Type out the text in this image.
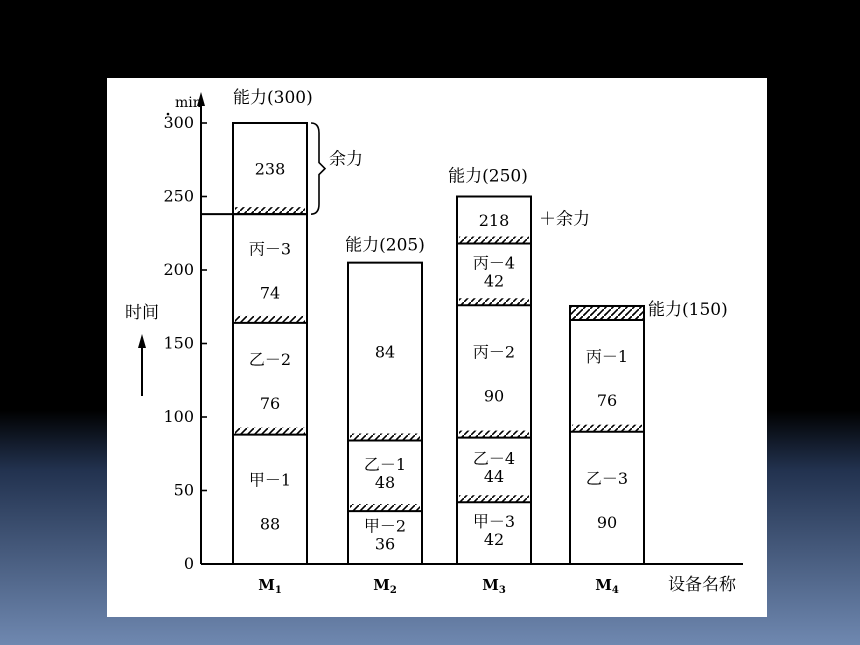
min
时间
设备名称
0
50
100
150
200
250
300
甲－1
88
乙－2
76
丙－3
74
238
能力(300)
余力
甲－2
36
乙－1
48
84
能力(205)
甲－3
42
乙－4
44
丙－2
90
丙－4
42
218
能力(250)
＋余力
乙－3
90
丙－1
76
能力(150)
$M_1$	$M_2$	$M_3$	$M_4$
